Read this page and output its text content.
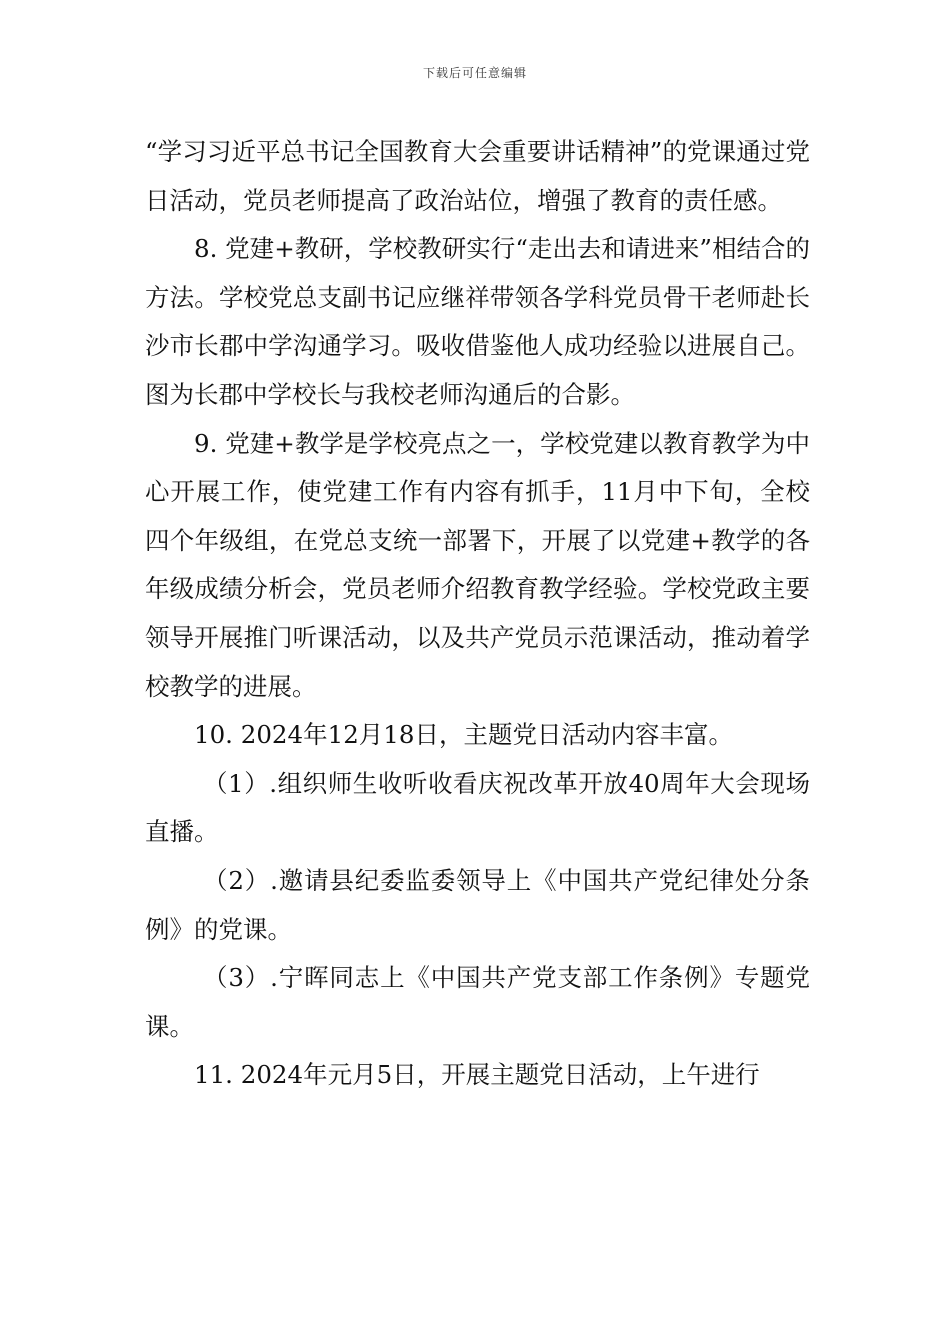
下载后可任意编辑

“学习习近平总书记全国教育大会重要讲话精神”的党课通过党日活动，党员老师提高了政治站位，增强了教育的责任感。

8. 党建+教研，学校教研实行“走出去和请进来”相结合的方法。学校党总支副书记应继祥带领各学科党员骨干老师赴长沙市长郡中学沟通学习。吸收借鉴他人成功经验以进展自己。图为长郡中学校长与我校老师沟通后的合影。

9. 党建+教学是学校亮点之一，学校党建以教育教学为中心开展工作，使党建工作有内容有抓手，11月中下旬，全校四个年级组，在党总支统一部署下，开展了以党建+教学的各年级成绩分析会，党员老师介绍教育教学经验。学校党政主要领导开展推门听课活动，以及共产党员示范课活动，推动着学校教学的进展。

10. 2024年12月18日，主题党日活动内容丰富。

（1）.组织师生收听收看庆祝改革开放40周年大会现场直播。

（2）.邀请县纪委监委领导上《中国共产党纪律处分条例》的党课。

（3）.宁晖同志上《中国共产党支部工作条例》专题党课。

11. 2024年元月5日，开展主题党日活动，上午进行
